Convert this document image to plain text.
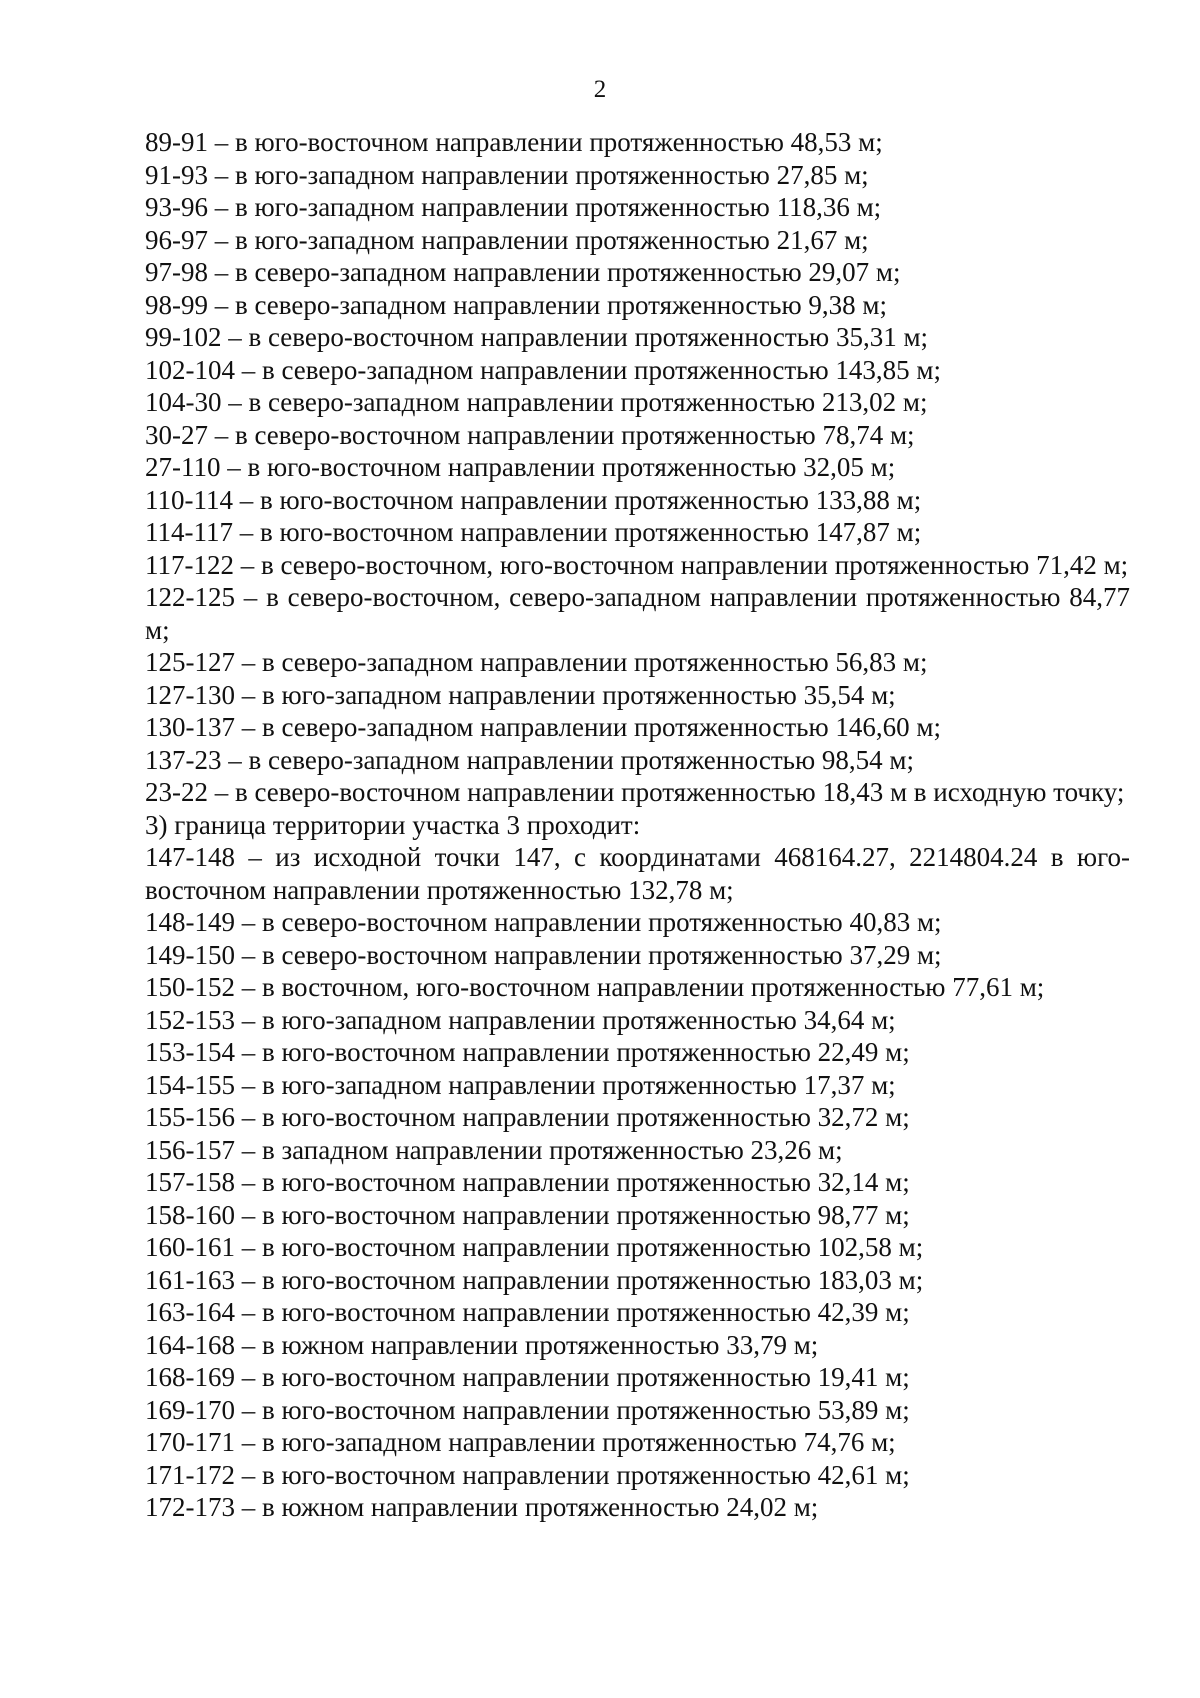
2

89-91 – в юго-восточном направлении протяженностью 48,53 м;

91-93 – в юго-западном направлении протяженностью 27,85 м;

93-96 – в юго-западном направлении протяженностью 118,36 м;

96-97 – в юго-западном направлении протяженностью 21,67 м;

97-98 – в северо-западном направлении протяженностью 29,07 м;

98-99 – в северо-западном направлении протяженностью 9,38 м;

99-102 – в северо-восточном направлении протяженностью 35,31 м;

102-104 – в северо-западном направлении протяженностью 143,85 м;

104-30 – в северо-западном направлении протяженностью 213,02 м;

30-27 – в северо-восточном направлении протяженностью 78,74 м;

27-110 – в юго-восточном направлении протяженностью 32,05 м;

110-114 – в юго-восточном направлении протяженностью 133,88 м;

114-117 – в юго-восточном направлении протяженностью 147,87 м;

117-122 – в северо-восточном, юго-восточном направлении протяженностью 71,42 м;

122-125 – в северо-восточном, северо-западном направлении протяженностью 84,77 м;

125-127 – в северо-западном направлении протяженностью 56,83 м;

127-130 – в юго-западном направлении протяженностью 35,54 м;

130-137 – в северо-западном направлении протяженностью 146,60 м;

137-23 – в северо-западном направлении протяженностью 98,54 м;

23-22 – в северо-восточном направлении протяженностью 18,43 м в исходную точку;

3) граница территории участка 3 проходит:

147-148 – из исходной точки 147, с координатами 468164.27, 2214804.24 в юго-восточном направлении протяженностью 132,78 м;

148-149 – в северо-восточном направлении протяженностью 40,83 м;

149-150 – в северо-восточном направлении протяженностью 37,29 м;

150-152 – в восточном, юго-восточном направлении протяженностью 77,61 м;

152-153 – в юго-западном направлении протяженностью 34,64 м;

153-154 – в юго-восточном направлении протяженностью 22,49 м;

154-155 – в юго-западном направлении протяженностью 17,37 м;

155-156 – в юго-восточном направлении протяженностью 32,72 м;

156-157 – в западном направлении протяженностью 23,26 м;

157-158 – в юго-восточном направлении протяженностью 32,14 м;

158-160 – в юго-восточном направлении протяженностью 98,77 м;

160-161 – в юго-восточном направлении протяженностью 102,58 м;

161-163 – в юго-восточном направлении протяженностью 183,03 м;

163-164 – в юго-восточном направлении протяженностью 42,39 м;

164-168 – в южном направлении протяженностью 33,79 м;

168-169 – в юго-восточном направлении протяженностью 19,41 м;

169-170 – в юго-восточном направлении протяженностью 53,89 м;

170-171 – в юго-западном направлении протяженностью 74,76 м;

171-172 – в юго-восточном направлении протяженностью 42,61 м;

172-173 – в южном направлении протяженностью 24,02 м;
